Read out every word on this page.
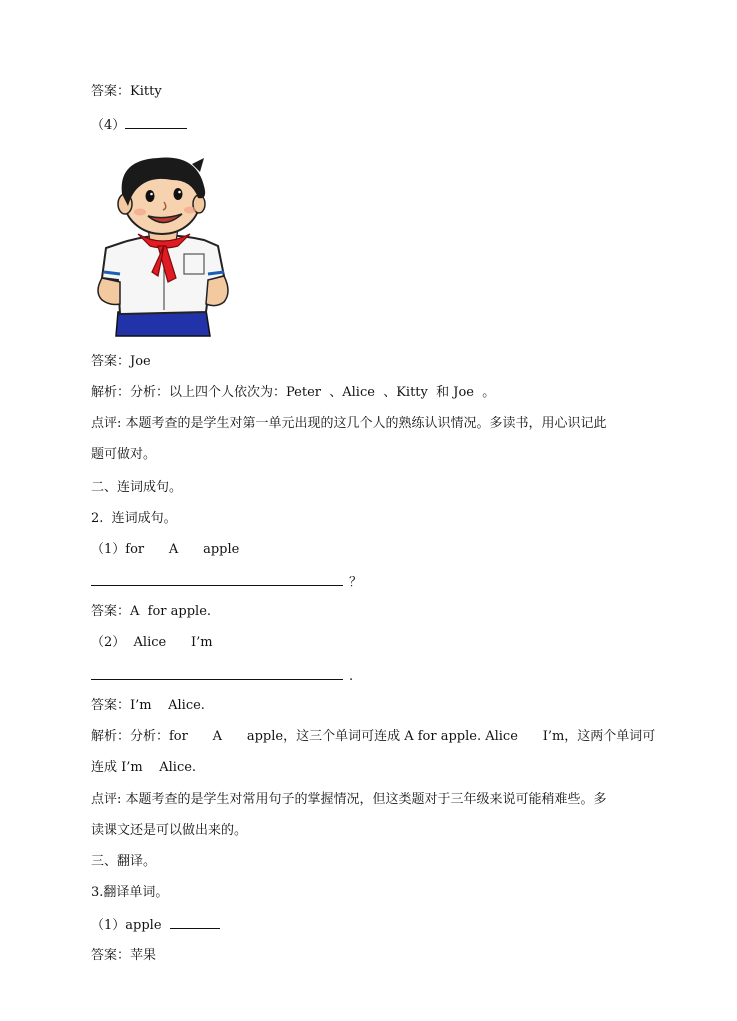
答案：Kitty
（4）
答案：Joe
解析：分析：以上四个人依次为：Peter  、Alice  、Kitty  和 Joe  。
点评: 本题考查的是学生对第一单元出现的这几个人的熟练认识情况。多读书，用心识记此
题可做对。
二、连词成句。
2.  连词成句。
（1）for      A      apple
？
答案：A  for apple.
（2）  Alice      I’m
.
答案：I’m    Alice.
解析：分析：for      A      apple，这三个单词可连成 A for apple. Alice      I’m，这两个单词可
连成 I’m    Alice.
点评: 本题考查的是学生对常用句子的掌握情况，但这类题对于三年级来说可能稍难些。多
读课文还是可以做出来的。
三、翻译。
3.翻译单词。
（1）apple
答案：苹果
